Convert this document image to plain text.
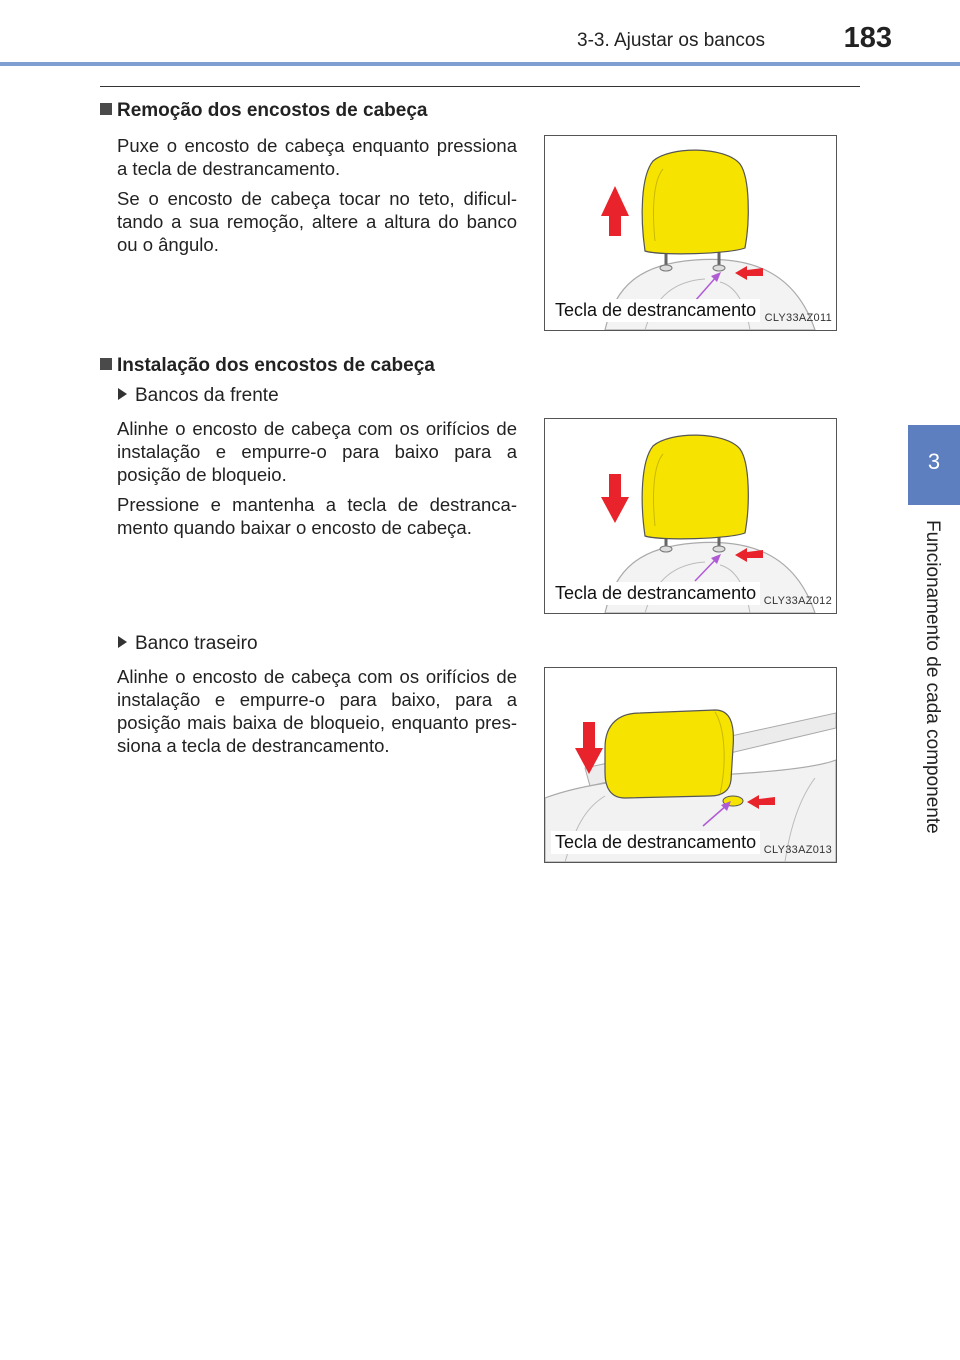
3-3. Ajustar os bancos	183
3
Funcionamento de cada componente
Remoção dos encostos de cabeça
Puxe o encosto de cabeça enquanto pressiona a tecla de destrancamento.
Se o encosto de cabeça tocar no teto, dificul-tando a sua remoção, altere a altura do banco ou o ângulo.
Tecla de destrancamento CLY33AZ011
Instalação dos encostos de cabeça
Bancos da frente
Alinhe o encosto de cabeça com os orifícios de instalação e empurre-o para baixo para a posição de bloqueio.
Pressione e mantenha a tecla de destranca-mento quando baixar o encosto de cabeça.
Tecla de destrancamento CLY33AZ012
Banco traseiro
Alinhe o encosto de cabeça com os orifícios de instalação e empurre-o para baixo, para a posição mais baixa de bloqueio, enquanto pres-siona a tecla de destrancamento.
Tecla de destrancamento CLY33AZ013
